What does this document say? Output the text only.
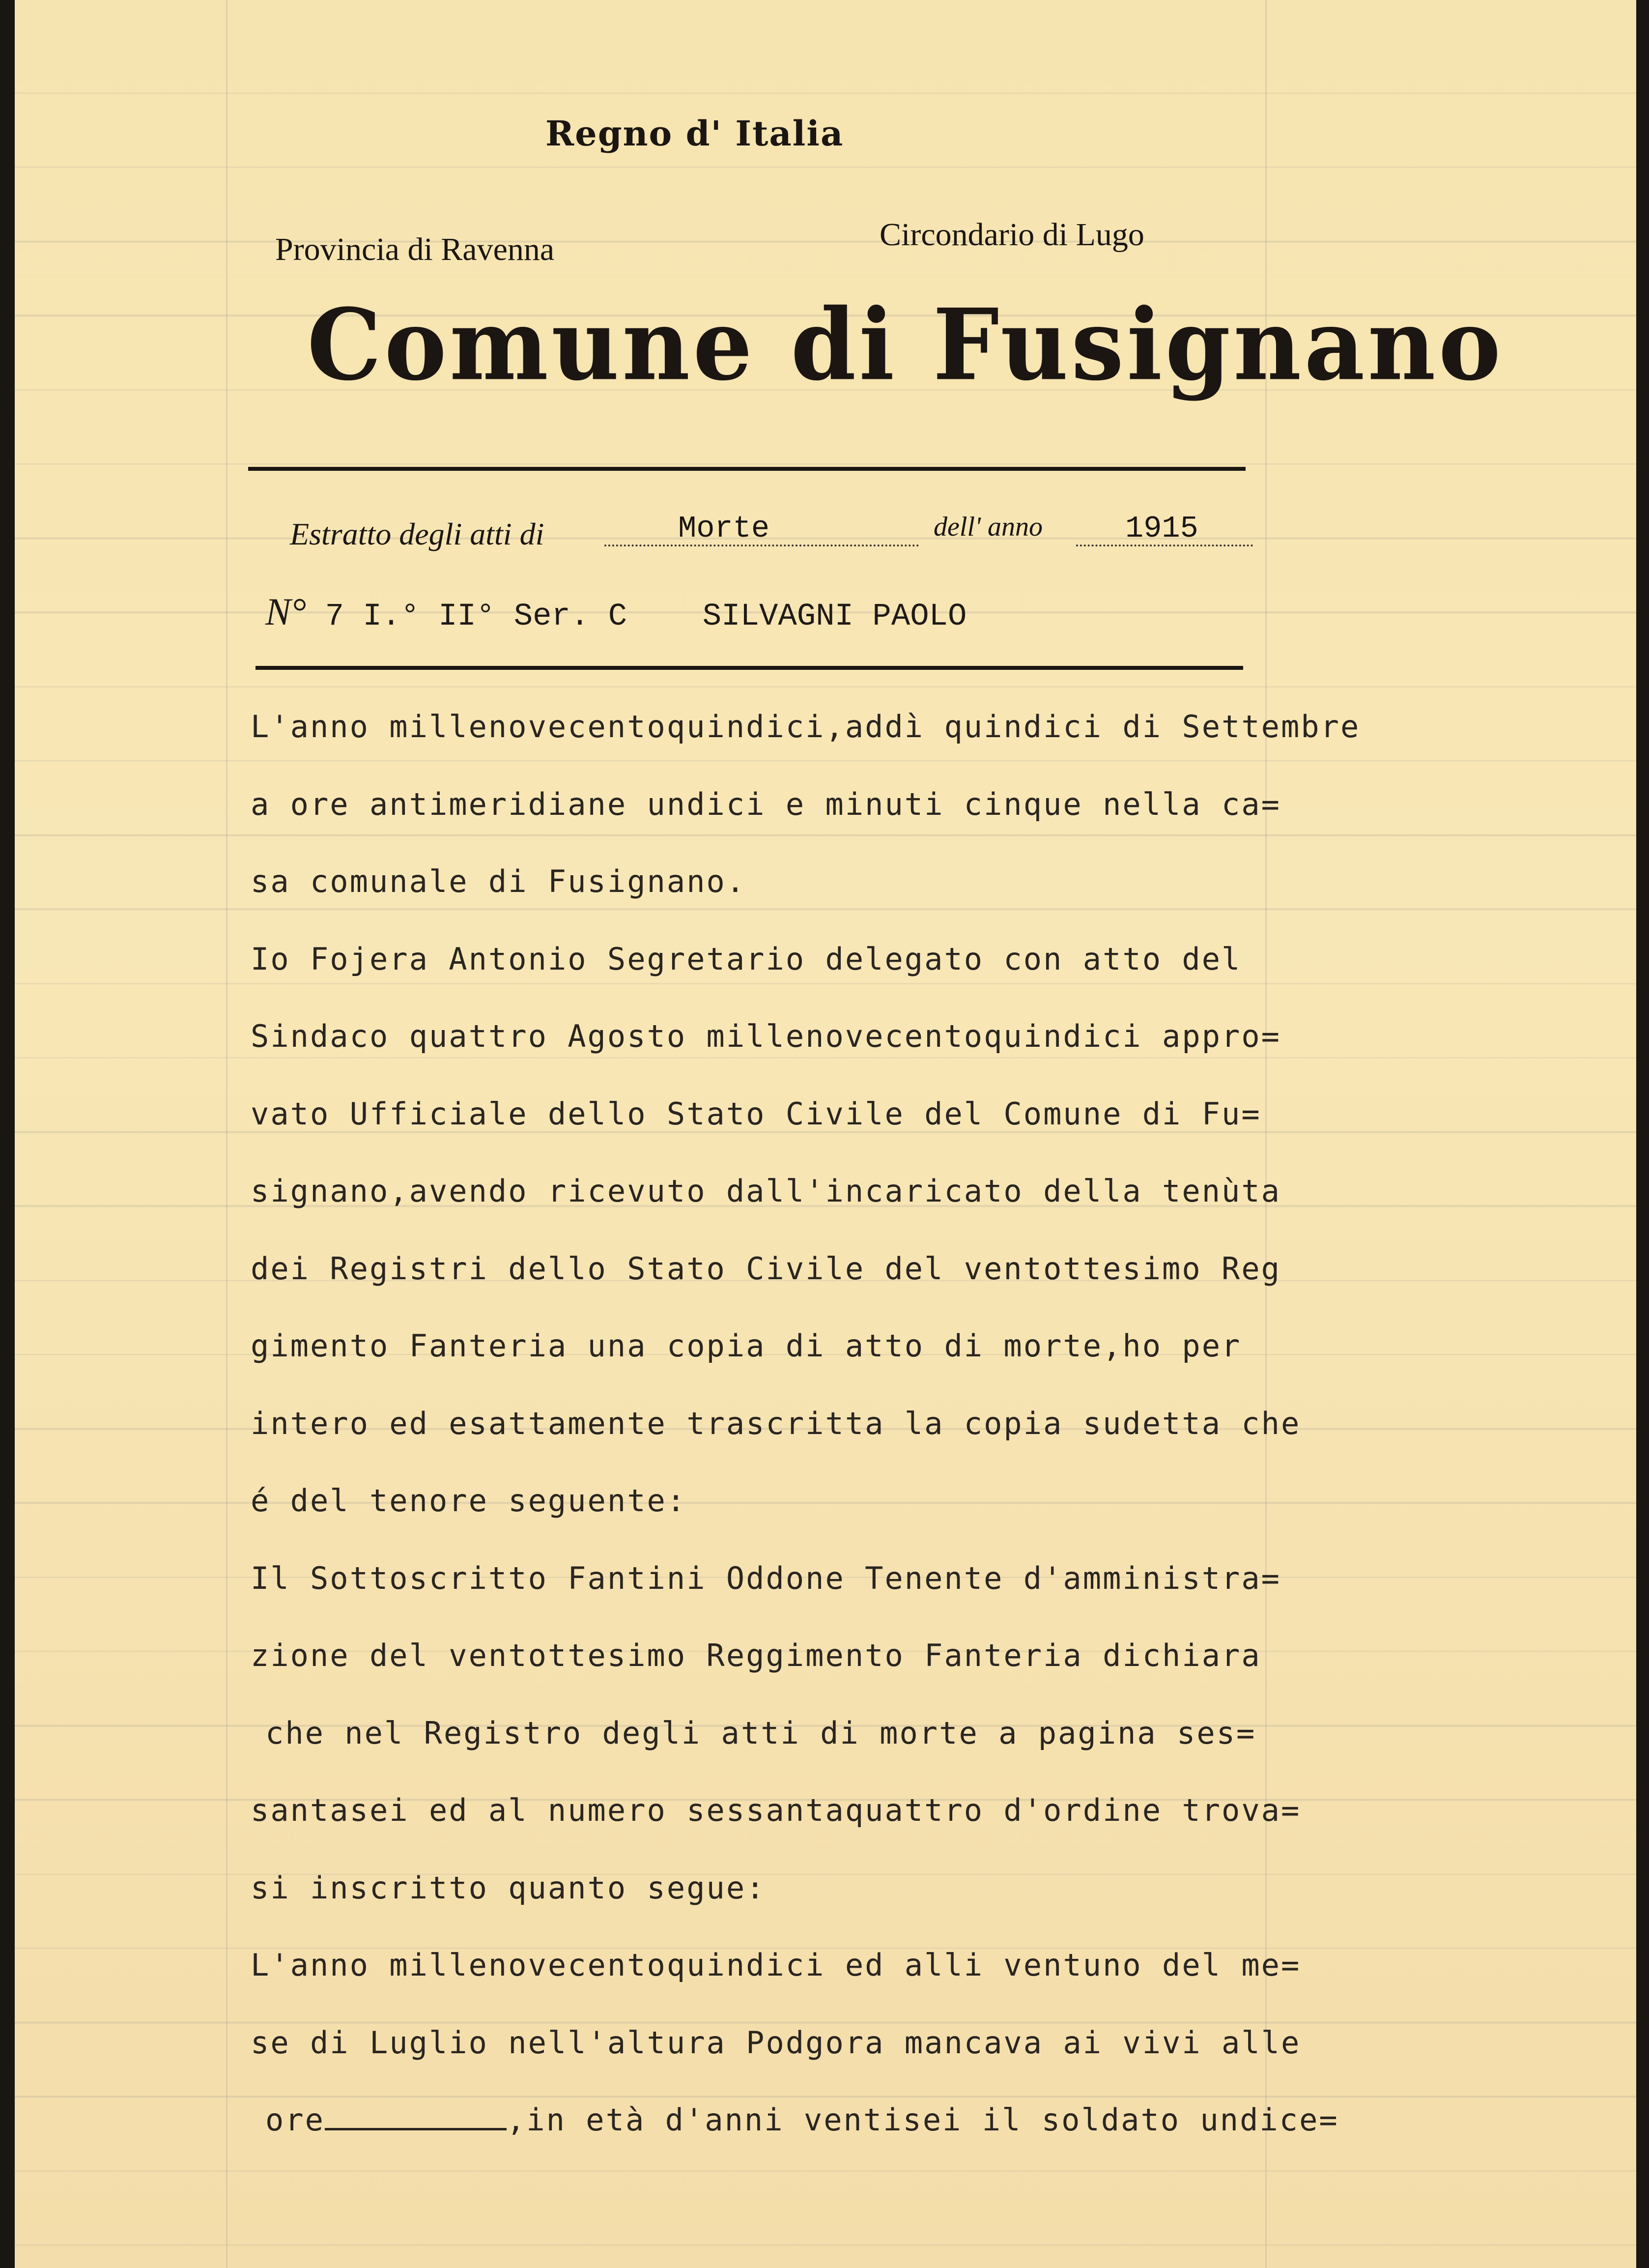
Regno d' Italia
Provincia di Ravenna	Circondario di Lugo
Comune di Fusignano
Estratto degli atti di	Morte	dell' anno	1915
N° 7 I.° II° Ser. C SILVAGNI PAOLO
L'anno millenovecentoquindici,addì quindici di Settembre
a ore antimeridiane undici e minuti cinque nella ca=
sa comunale di Fusignano.
Io Fojera Antonio Segretario delegato con atto del
Sindaco quattro Agosto millenovecentoquindici appro=
vato Ufficiale dello Stato Civile del Comune di Fu=
signano,avendo ricevuto dall'incaricato della tenùta
dei Registri dello Stato Civile del ventottesimo Reg
gimento Fanteria una copia di atto di morte,ho per
intero ed esattamente trascritta la copia sudetta che
é del tenore seguente:
Il Sottoscritto Fantini Oddone Tenente d'amministra=
zione del ventottesimo Reggimento Fanteria dichiara
che nel Registro degli atti di morte a pagina ses=
santasei ed al numero sessantaquattro d'ordine trova=
si inscritto quanto segue:
L'anno millenovecentoquindici ed alli ventuno del me=
se di Luglio nell'altura Podgora mancava ai vivi alle
ore	,in età d'anni ventisei il soldato undice=
